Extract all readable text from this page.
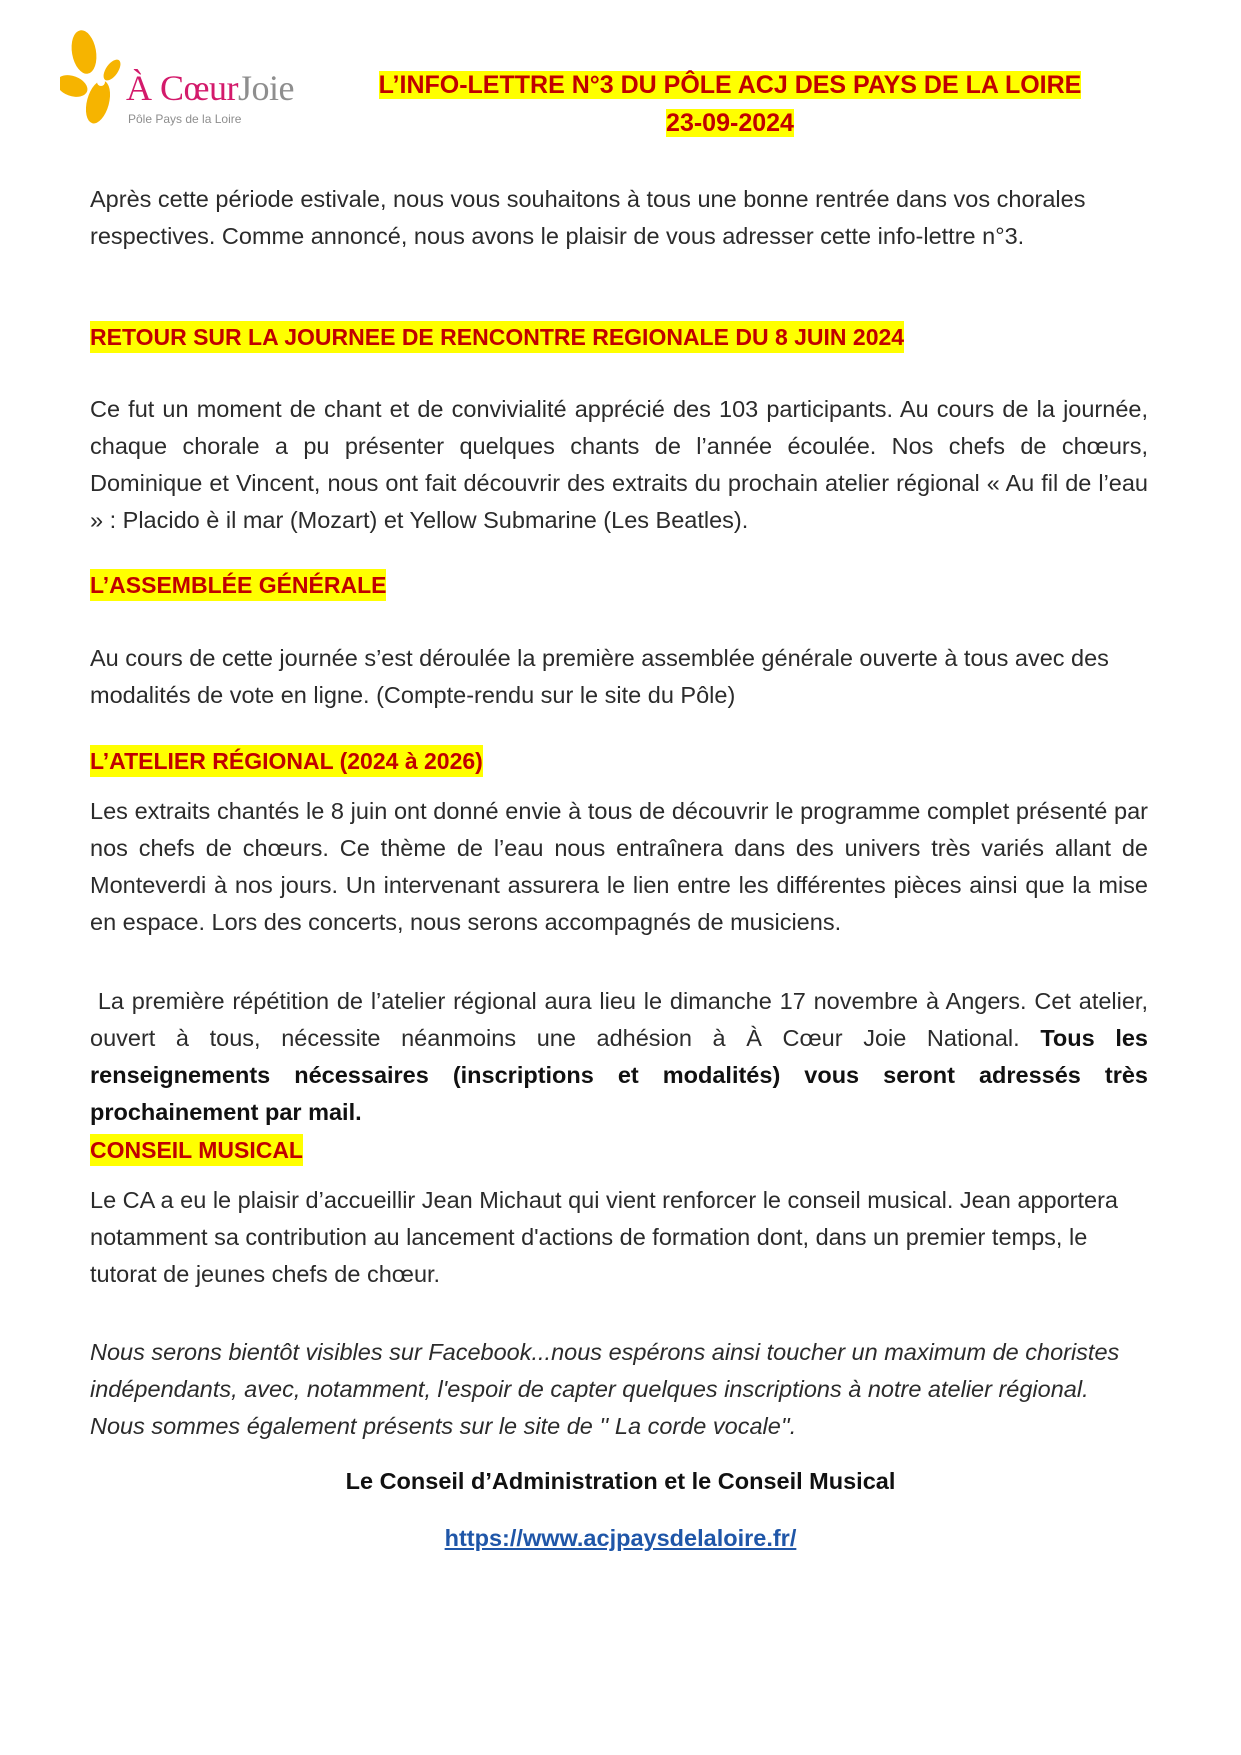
À CœurJoie
Pôle Pays de la Loire
L’INFO-LETTRE N°3 DU PÔLE ACJ DES PAYS DE LA LOIRE
23-09-2024
Après cette période estivale, nous vous souhaitons à tous une bonne rentrée dans vos chorales respectives. Comme annoncé, nous avons le plaisir de vous adresser cette info-lettre n°3.
RETOUR SUR LA JOURNEE DE RENCONTRE REGIONALE DU 8 JUIN 2024
Ce fut un moment de chant et de convivialité apprécié des 103 participants. Au cours de la journée, chaque chorale a pu présenter quelques chants de l’année écoulée. Nos chefs de chœurs, Dominique et Vincent, nous ont fait découvrir des extraits du prochain atelier régional « Au fil de l’eau » : Placido è il mar (Mozart) et Yellow Submarine (Les Beatles).
L’ASSEMBLÉE GÉNÉRALE
Au cours de cette journée s’est déroulée la première assemblée générale ouverte à tous avec des modalités de vote en ligne. (Compte-rendu sur le site du Pôle)
L’ATELIER RÉGIONAL (2024 à 2026)
Les extraits chantés le 8 juin ont donné envie à tous de découvrir le programme complet présenté par nos chefs de chœurs. Ce thème de l’eau nous entraînera dans des univers très variés allant de Monteverdi à nos jours. Un intervenant assurera le lien entre les différentes pièces ainsi que la mise en espace. Lors des concerts, nous serons accompagnés de musiciens.
La première répétition de l’atelier régional aura lieu le dimanche 17 novembre à Angers. Cet atelier, ouvert à tous, nécessite néanmoins une adhésion à À Cœur Joie National. Tous les renseignements nécessaires (inscriptions et modalités) vous seront adressés très prochainement par mail.
CONSEIL MUSICAL
Le CA a eu le plaisir d’accueillir Jean Michaut qui vient renforcer le conseil musical. Jean apportera notamment sa contribution au lancement d'actions de formation dont, dans un premier temps, le tutorat de jeunes chefs de chœur.
Nous serons bientôt visibles sur Facebook...nous espérons ainsi toucher un maximum de choristes indépendants, avec, notamment, l'espoir de capter quelques inscriptions à notre atelier régional. Nous sommes également présents sur le site de '' La corde vocale''.
Le Conseil d’Administration et le Conseil Musical
https://www.acjpaysdelaloire.fr/
